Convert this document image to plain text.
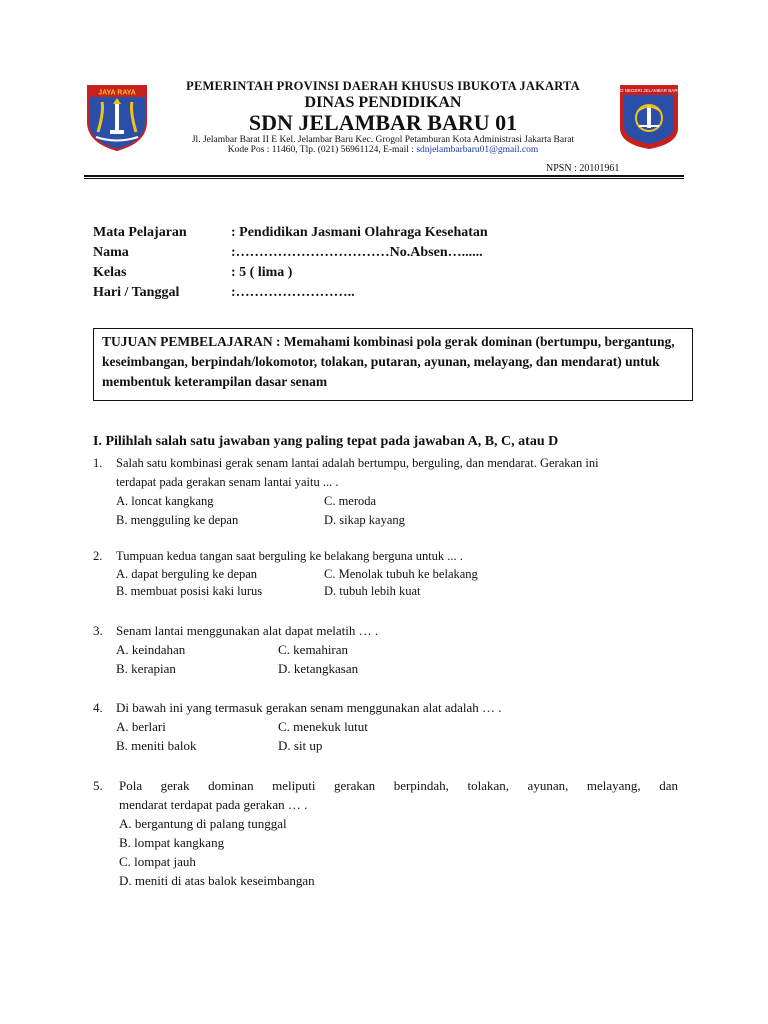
JAYA RAYA	SD NEGERI JELAMBAR BARU
PEMERINTAH PROVINSI DAERAH KHUSUS IBUKOTA JAKARTA
DINAS PENDIDIKAN
SDN JELAMBAR BARU 01
Jl. Jelambar Barat II E Kel. Jelambar Baru Kec. Grogol Petamburan Kota Administrasi Jakarta Barat
Kode Pos : 11460, Tlp. (021) 56961124, E-mail : sdnjelambarbaru01@gmail.com
NPSN : 20101961
Mata Pelajaran	: Pendidikan Jasmani Olahraga Kesehatan
Nama	:……………………………No.Absen…......
Kelas	: 5 ( lima )
Hari / Tanggal	:……………………..
TUJUAN PEMBELAJARAN : Memahami kombinasi pola gerak dominan (bertumpu, bergantung, keseimbangan, berpindah/lokomotor, tolakan, putaran, ayunan, melayang, dan mendarat) untuk membentuk keterampilan dasar senam
I. Pilihlah salah satu jawaban yang paling tepat pada jawaban A, B, C, atau D
1. Salah satu kombinasi gerak senam lantai adalah bertumpu, berguling, dan mendarat. Gerakan ini
terdapat pada gerakan senam lantai yaitu ... .
A. loncat kangkang	C. meroda
B. mengguling ke depan	D. sikap kayang
2. Tumpuan kedua tangan saat berguling ke belakang berguna untuk ... .
A. dapat berguling ke depan	C. Menolak tubuh ke belakang
B. membuat posisi kaki lurus	D. tubuh lebih kuat
3. Senam lantai menggunakan alat dapat melatih … .
A. keindahan	C. kemahiran
B. kerapian	D. ketangkasan
4. Di bawah ini yang termasuk gerakan senam menggunakan alat adalah … .
A. berlari	C. menekuk lutut
B. meniti balok	D. sit up
5. Pola gerak dominan meliputi gerakan berpindah, tolakan, ayunan, melayang, dan
mendarat terdapat pada gerakan … .
A. bergantung di palang tunggal
B. lompat kangkang
C. lompat jauh
D. meniti di atas balok keseimbangan
